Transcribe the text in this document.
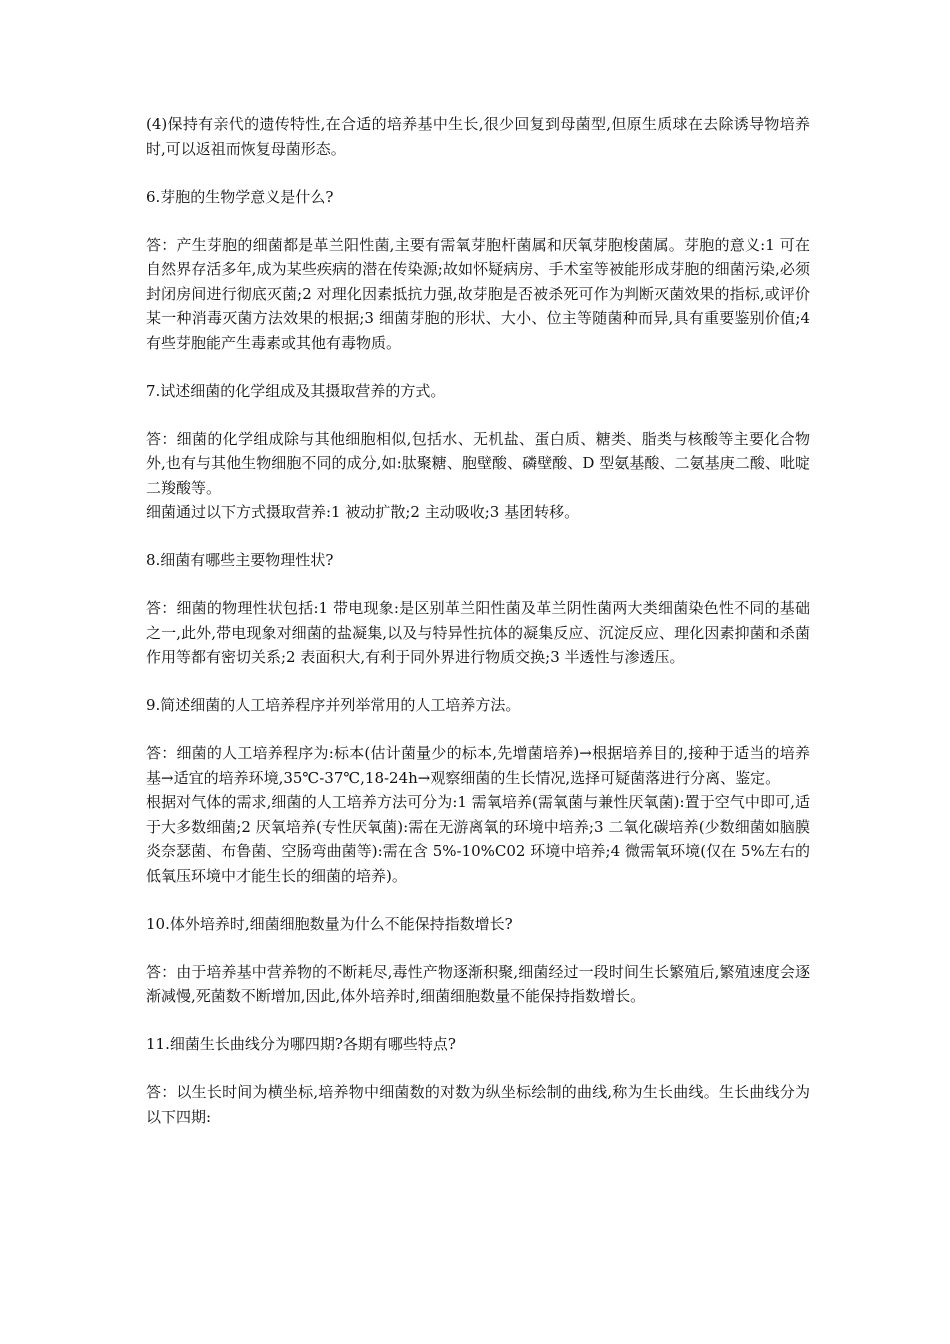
(4)保持有亲代的遗传特性,在合适的培养基中生长,很少回复到母菌型,但原生质球在去除诱导物培养时,可以返祖而恢复母菌形态。

6.芽胞的生物学意义是什么?

答：产生芽胞的细菌都是革兰阳性菌,主要有需氧芽胞杆菌属和厌氧芽胞梭菌属。芽胞的意义:1 可在自然界存活多年,成为某些疾病的潜在传染源;故如怀疑病房、手术室等被能形成芽胞的细菌污染,必须封闭房间进行彻底灭菌;2 对理化因素抵抗力强,故芽胞是否被杀死可作为判断灭菌效果的指标,或评价某一种消毒灭菌方法效果的根据;3 细菌芽胞的形状、大小、位主等随菌种而异,具有重要鉴别价值;4 有些芽胞能产生毒素或其他有毒物质。

7.试述细菌的化学组成及其摄取营养的方式。

答：细菌的化学组成除与其他细胞相似,包括水、无机盐、蛋白质、糖类、脂类与核酸等主要化合物外,也有与其他生物细胞不同的成分,如:肽聚糖、胞壁酸、磷壁酸、D 型氨基酸、二氨基庚二酸、吡啶二羧酸等。

细菌通过以下方式摄取营养:1 被动扩散;2 主动吸收;3 基团转移。

8.细菌有哪些主要物理性状?

答：细菌的物理性状包括:1 带电现象:是区别革兰阳性菌及革兰阴性菌两大类细菌染色性不同的基础之一,此外,带电现象对细菌的盐凝集,以及与特异性抗体的凝集反应、沉淀反应、理化因素抑菌和杀菌作用等都有密切关系;2 表面积大,有利于同外界进行物质交换;3 半透性与渗透压。

9.简述细菌的人工培养程序并列举常用的人工培养方法。

答：细菌的人工培养程序为:标本(估计菌量少的标本,先增菌培养)→根据培养目的,接种于适当的培养基→适宜的培养环境,35℃-37℃,18-24h→观察细菌的生长情况,选择可疑菌落进行分离、鉴定。

根据对气体的需求,细菌的人工培养方法可分为:1 需氧培养(需氧菌与兼性厌氧菌):置于空气中即可,适于大多数细菌;2 厌氧培养(专性厌氧菌):需在无游离氧的环境中培养;3 二氧化碳培养(少数细菌如脑膜炎奈瑟菌、布鲁菌、空肠弯曲菌等):需在含 5%-10%C02 环境中培养;4 微需氧环境(仅在 5%左右的低氧压环境中才能生长的细菌的培养)。

10.体外培养时,细菌细胞数量为什么不能保持指数增长?

答：由于培养基中营养物的不断耗尽,毒性产物逐渐积聚,细菌经过一段时间生长繁殖后,繁殖速度会逐渐减慢,死菌数不断增加,因此,体外培养时,细菌细胞数量不能保持指数增长。

11.细菌生长曲线分为哪四期?各期有哪些特点?

答：以生长时间为横坐标,培养物中细菌数的对数为纵坐标绘制的曲线,称为生长曲线。生长曲线分为以下四期:
